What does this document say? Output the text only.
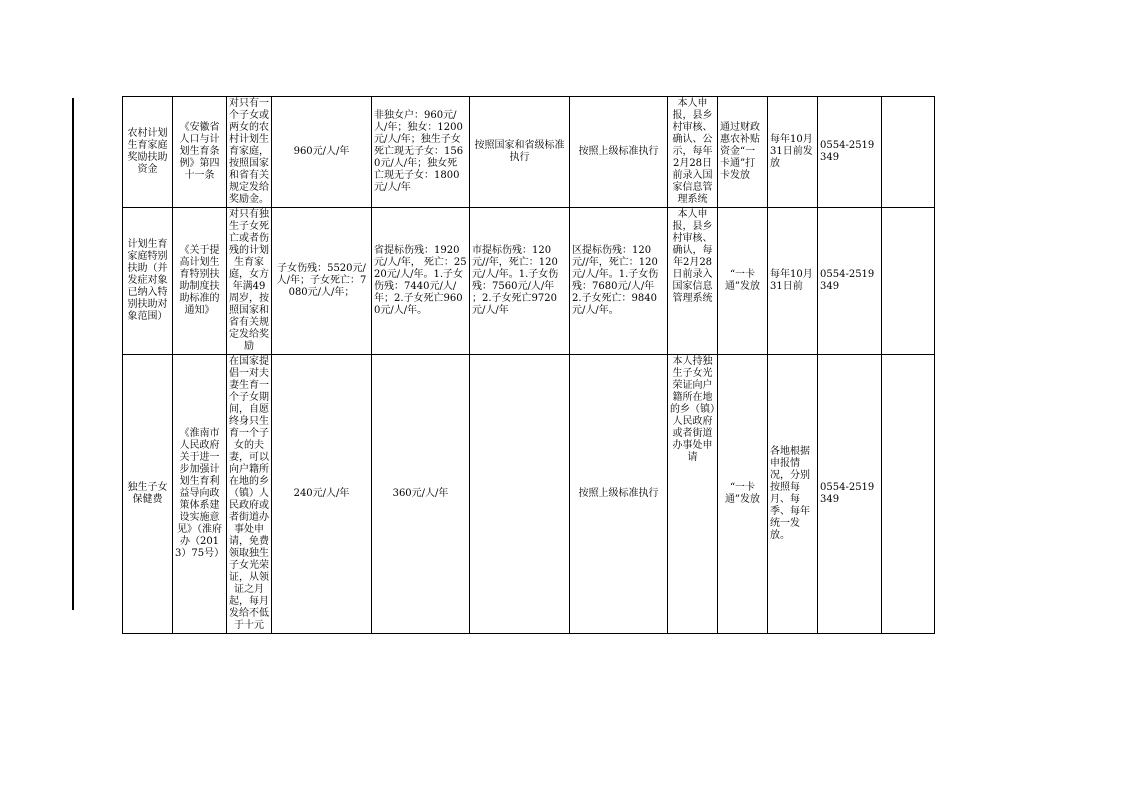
农村计划生育家庭奖励扶助资金	《安徽省人口与计划生育条例》第四十一条	对只有一个子女或两女的农村计划生育家庭，按照国家和省有关规定发给奖励金。	960元/人/年	非独女户：960元/人/年；独女：1200元/人/年；独生子女死亡现无子女：1560元/人/年；独女死亡现无子女：1800元/人/年	按照国家和省级标准执行	按照上级标准执行	本人申报，县乡村审核、确认、公示，每年2月28日前录入国家信息管理系统	通过财政惠农补贴资金“一卡通”打卡发放	每年10月31日前发放	0554-2519349	
计划生育家庭特别扶助（并发症对象已纳入特别扶助对象范围）	《关于提高计划生育特别扶助制度扶助标准的通知》	对只有独生子女死亡或者伤残的计划生育家庭，女方年满49周岁，按照国家和省有关规定发给奖励	子女伤残：5520元/人/年；子女死亡：7080元/人/年；	省提标伤残：1920元/人/年， 死亡：2520元/人/年。1.子女伤残：7440元/人/年；2.子女死亡9600元/人/年。	市提标伤残：120元//年，死亡：120元/人/年。1.子女伤残：7560元/人/年 ；2.子女死亡9720元/人/年	区提标伤残：120元//年，死亡：120元/人/年。1.子女伤残：7680元/人/年 2.子女死亡：9840元/人/年。	本人申报，县乡村审核、确认，每年2月28日前录入国家信息管理系统	“一卡通”发放	每年10月31日前	0554-2519349	
独生子女保健费	《淮南市人民政府关于进一步加强计划生育利益导向政策体系建设实施意见》（淮府办（2013）75号）	在国家提倡一对夫妻生育一个子女期间，自愿终身只生育一个子女的夫妻，可以向户籍所在地的乡（镇）人民政府或者街道办事处申请，免费领取独生子女光荣证，从领证之月起，每月发给不低于十元	240元/人/年	360元/人/年		按照上级标准执行	本人持独生子女光荣证向户籍所在地的乡（镇）人民政府或者街道办事处申请	“一卡通”发放	各地根据申报情况，分别按照每月、每季、每年统一发放。	0554-2519349	
